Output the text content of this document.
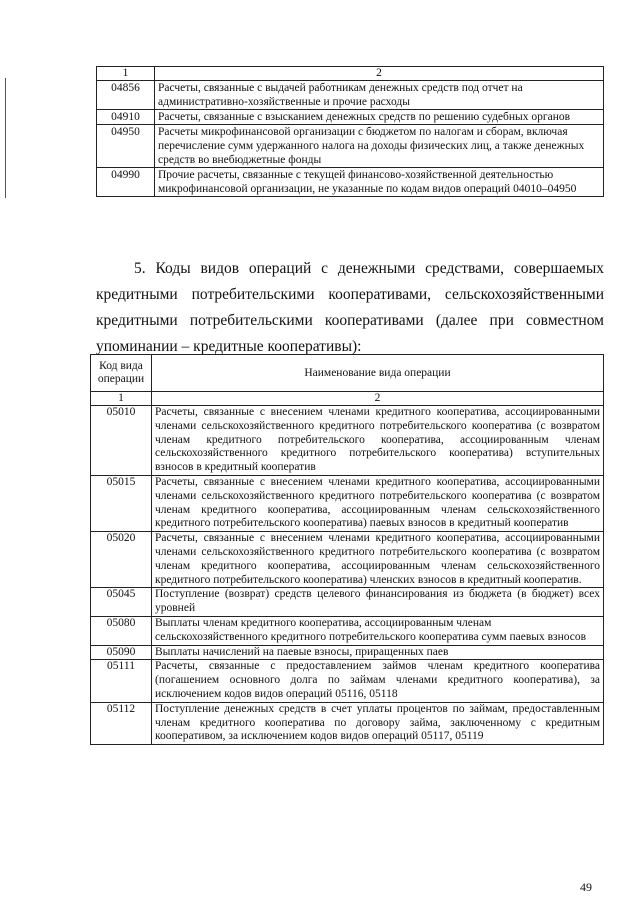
1	2
04856	Расчеты, связанные с выдачей работникам денежных средств под отчет на административно-хозяйственные и прочие расходы
04910	Расчеты, связанные с взысканием денежных средств по решению судебных органов
04950	Расчеты микрофинансовой организации с бюджетом по налогам и сборам, включая перечисление сумм удержанного налога на доходы физических лиц, а также денежных средств во внебюджетные фонды
04990	Прочие расчеты, связанные с текущей финансово-хозяйственной деятельностью микрофинансовой организации, не указанные по кодам видов операций 04010–04950

5. Коды видов операций с денежными средствами, совершаемых кредитными потребительскими кооперативами, сельскохозяйственными кредитными потребительскими кооперативами (далее при совместном упоминании – кредитные кооперативы):

Код вида операции	Наименование вида операции
1	2
05010	Расчеты, связанные с внесением членами кредитного кооператива, ассоциированными членами сельскохозяйственного кредитного потребительского кооператива (с возвратом членам кредитного потребительского кооператива, ассоциированным членам сельскохозяйственного кредитного потребительского кооператива) вступительных взносов в кредитный кооператив
05015	Расчеты, связанные с внесением членами кредитного кооператива, ассоциированными членами сельскохозяйственного кредитного потребительского кооператива (с возвратом членам кредитного кооператива, ассоциированным членам сельскохозяйственного кредитного потребительского кооператива) паевых взносов в кредитный кооператив
05020	Расчеты, связанные с внесением членами кредитного кооператива, ассоциированными членами сельскохозяйственного кредитного потребительского кооператива (с возвратом членам кредитного кооператива, ассоциированным членам сельскохозяйственного кредитного потребительского кооператива) членских взносов в кредитный кооператив.
05045	Поступление (возврат) средств целевого финансирования из бюджета (в бюджет) всех уровней
05080	Выплаты членам кредитного кооператива, ассоциированным членам сельскохозяйственного кредитного потребительского кооператива сумм паевых взносов
05090	Выплаты начислений на паевые взносы, приращенных паев
05111	Расчеты, связанные с предоставлением займов членам кредитного кооператива (погашением основного долга по займам членами кредитного кооператива), за исключением кодов видов операций 05116, 05118
05112	Поступление денежных средств в счет уплаты процентов по займам, предоставленным членам кредитного кооператива по договору займа, заключенному с кредитным кооперативом, за исключением кодов видов операций 05117, 05119
49
